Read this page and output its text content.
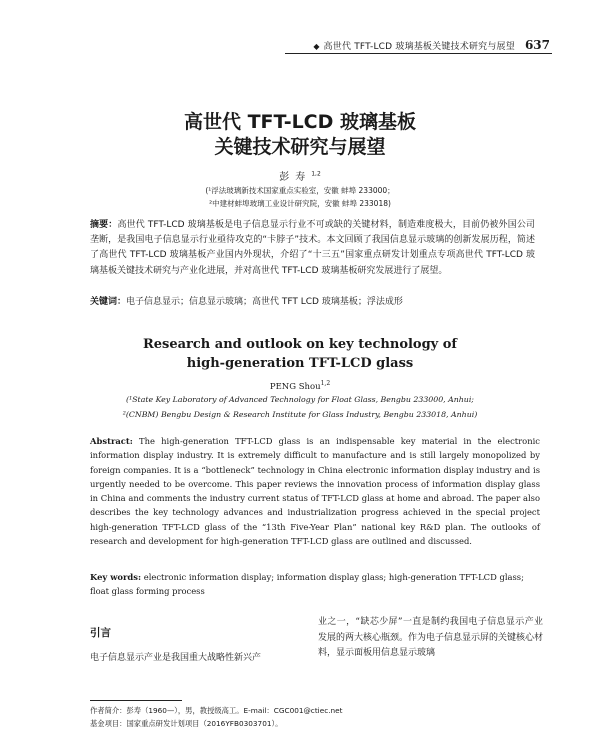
◆ 高世代 TFT-LCD 玻璃基板关键技术研究与展望 637
高世代 TFT-LCD 玻璃基板
关键技术研究与展望
彭寿$^{1,2}$
(¹浮法玻璃新技术国家重点实验室，安徽 蚌埠 233000；
²中建材蚌埠玻璃工业设计研究院，安徽 蚌埠 233018)
摘要：高世代 TFT-LCD 玻璃基板是电子信息显示行业不可或缺的关键材料，制造难度极大，目前仍被外国公司垄断，是我国电子信息显示行业亟待攻克的“卡脖子”技术。本文回顾了我国信息显示玻璃的创新发展历程，简述了高世代 TFT-LCD 玻璃基板产业国内外现状，介绍了“十三五”国家重点研发计划重点专项高世代 TFT-LCD 玻璃基板关键技术研究与产业化进展，并对高世代 TFT-LCD 玻璃基板研究发展进行了展望。
关键词：电子信息显示；信息显示玻璃；高世代 TFT LCD 玻璃基板；浮法成形
Research and outlook on key technology of
high-generation TFT-LCD glass
PENG Shou$^{1,2}$
(¹State Key Laboratory of Advanced Technology for Float Glass, Bengbu 233000, Anhui;
²(CNBM) Bengbu Design & Research Institute for Glass Industry, Bengbu 233018, Anhui)
Abstract: The high-generation TFT-LCD glass is an indispensable key material in the electronic information display industry. It is extremely difficult to manufacture and is still largely monopolized by foreign companies. It is a “bottleneck” technology in China electronic information display industry and is urgently needed to be overcome. This paper reviews the innovation process of information display glass in China and comments the industry current status of TFT-LCD glass at home and abroad. The paper also describes the key technology advances and industrialization progress achieved in the special project high-generation TFT-LCD glass of the “13th Five-Year Plan” national key R&D plan. The outlooks of research and development for high-generation TFT-LCD glass are outlined and discussed.
Key words: electronic information display; information display glass; high-generation TFT-LCD glass; float glass forming process
引言
电子信息显示产业是我国重大战略性新兴产
业之一，“缺芯少屏”一直是制约我国电子信息显示产业发展的两大核心瓶颈。作为电子信息显示屏的关键核心材料，显示面板用信息显示玻璃
作者简介：彭寿（1960—），男，教授级高工。E-mail：CGC001@ctiec.net
基金项目：国家重点研发计划项目（2016YFB0303701）。
